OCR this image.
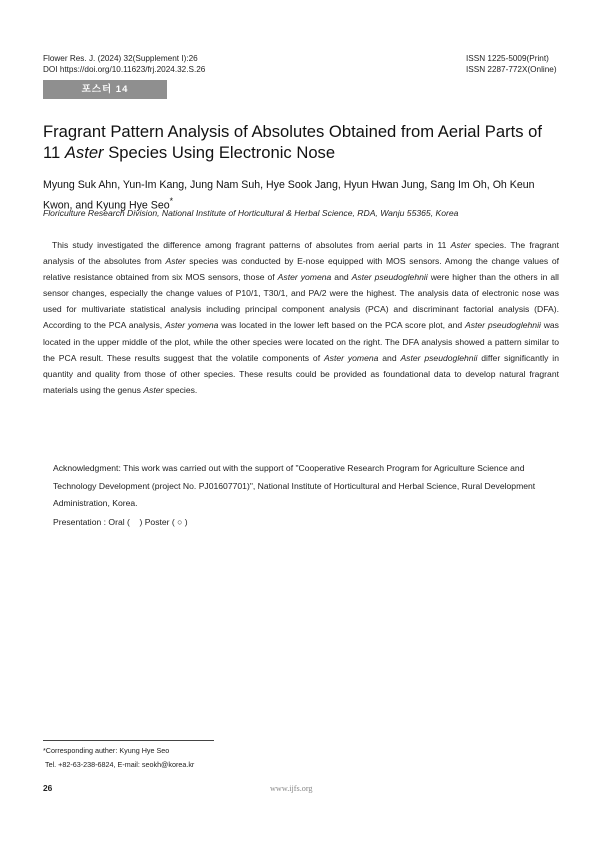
Flower Res. J. (2024) 32(Supplement I):26
DOI https://doi.org/10.11623/frj.2024.32.S.26
ISSN 1225-5009(Print)
ISSN 2287-772X(Online)
포스터 14
Fragrant Pattern Analysis of Absolutes Obtained from Aerial Parts of 11 Aster Species Using Electronic Nose
Myung Suk Ahn, Yun-Im Kang, Jung Nam Suh, Hye Sook Jang, Hyun Hwan Jung, Sang Im Oh, Oh Keun Kwon, and Kyung Hye Seo*
Floriculture Research Division, National Institute of Horticultural & Herbal Science, RDA, Wanju 55365, Korea

This study investigated the difference among fragrant patterns of absolutes from aerial parts in 11 Aster species. The fragrant analysis of the absolutes from Aster species was conducted by E-nose equipped with MOS sensors. Among the change values of relative resistance obtained from six MOS sensors, those of Aster yomena and Aster pseudoglehnii were higher than the others in all sensor changes, especially the change values of P10/1, T30/1, and PA/2 were the highest. The analysis data of electronic nose was used for multivariate statistical analysis including principal component analysis (PCA) and discriminant factorial analysis (DFA). According to the PCA analysis, Aster yomena was located in the lower left based on the PCA score plot, and Aster pseudoglehnii was located in the upper middle of the plot, while the other species were located on the right. The DFA analysis showed a pattern similar to the PCA result. These results suggest that the volatile components of Aster yomena and Aster pseudoglehnii differ significantly in quantity and quality from those of other species. These results could be provided as foundational data to develop natural fragrant materials using the genus Aster species.

Acknowledgment: This work was carried out with the support of "Cooperative Research Program for Agriculture Science and Technology Development (project No. PJ01607701)", National Institute of Horticultural and Herbal Science, Rural Development Administration, Korea.

Presentation : Oral (    ) Poster ( ○ )
*Corresponding auther: Kyung Hye Seo
Tel. +82-63-238-6824, E-mail: seokh@korea.kr
26	www.ijfs.org
